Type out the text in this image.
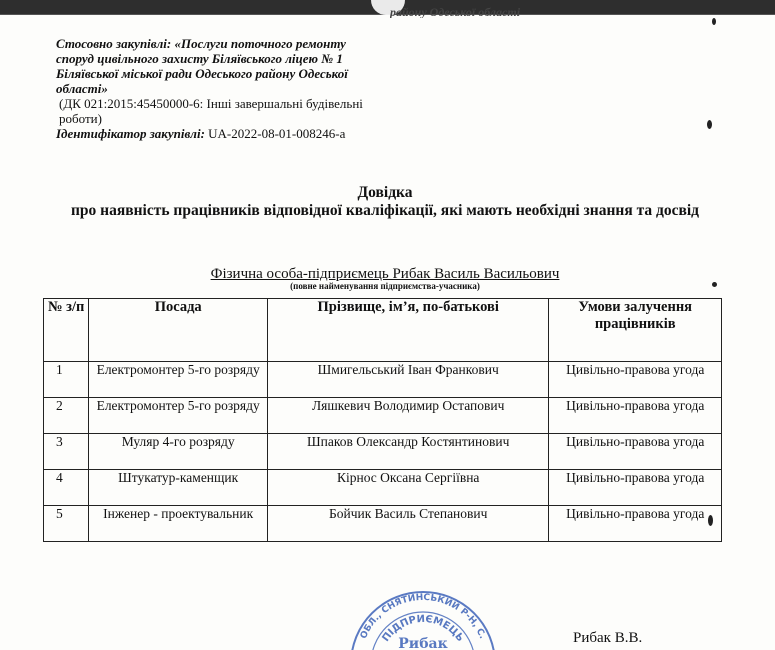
району Одеської області
Стосовно закупівлі: «Послуги поточного ремонту споруд цивільного захисту Біляївського ліцею № 1 Біляївської міської ради Одеського району Одеської області»
(ДК 021:2015:45450000-6: Інші завершальні будівельні роботи)
Ідентифікатор закупівлі: UA-2022-08-01-008246-a
Довідка
про наявність працівників відповідної кваліфікації, які мають необхідні знання та досвід
Фізична особа-підприємець Рибак Василь Васильович
(повне найменування підприємства-учасника)
№ з/п	Посада	Прізвище, ім’я, по-батькові	Умови залучення працівників
1	Електромонтер 5-го розряду	Шмигельський Іван Франкович	Цивільно-правова угода
2	Електромонтер 5-го розряду	Ляшкевич Володимир Остапович	Цивільно-правова угода
3	Муляр 4-го розряду	Шпаков Олександр Костянтинович	Цивільно-правова угода
4	Штукатур-каменщик	Кірнос Оксана Сергіївна	Цивільно-правова угода
5	Інженер - проектувальник	Бойчик Василь Степанович	Цивільно-правова угода
ОБЛ., СНЯТИНСЬКИЙ Р-Н, С.
ПІДПРИЄМЕЦЬ
Рибак	Рибак В.В.
